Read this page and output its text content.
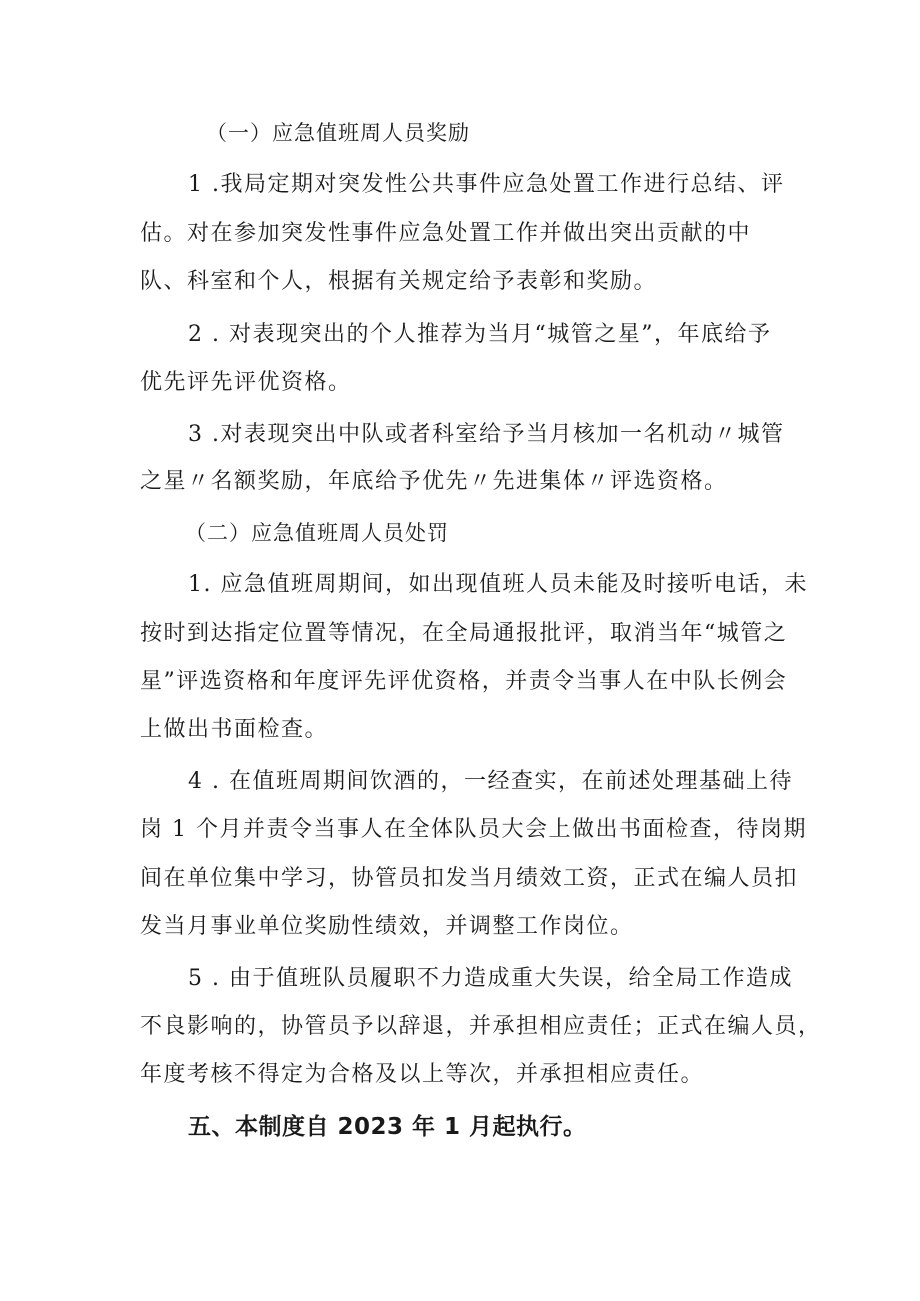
（一）应急值班周人员奖励
1 .我局定期对突发性公共事件应急处置工作进行总结、评
估。对在参加突发性事件应急处置工作并做出突出贡献的中
队、科室和个人，根据有关规定给予表彰和奖励。
2 . 对表现突出的个人推荐为当月“城管之星”，年底给予
优先评先评优资格。
3 .对表现突出中队或者科室给予当月核加一名机动〃城管
之星〃名额奖励，年底给予优先〃先进集体〃评选资格。
（二）应急值班周人员处罚
1. 应急值班周期间，如出现值班人员未能及时接听电话，未
按时到达指定位置等情况，在全局通报批评，取消当年“城管之
星”评选资格和年度评先评优资格，并责令当事人在中队长例会
上做出书面检查。
4 . 在值班周期间饮酒的，一经查实，在前述处理基础上待
岗 1 个月并责令当事人在全体队员大会上做出书面检查，待岗期
间在单位集中学习，协管员扣发当月绩效工资，正式在编人员扣
发当月事业单位奖励性绩效，并调整工作岗位。
5 . 由于值班队员履职不力造成重大失误，给全局工作造成
不良影响的，协管员予以辞退，并承担相应责任；正式在编人员，
年度考核不得定为合格及以上等次，并承担相应责任。
五、本制度自 2023 年 1 月起执行。
